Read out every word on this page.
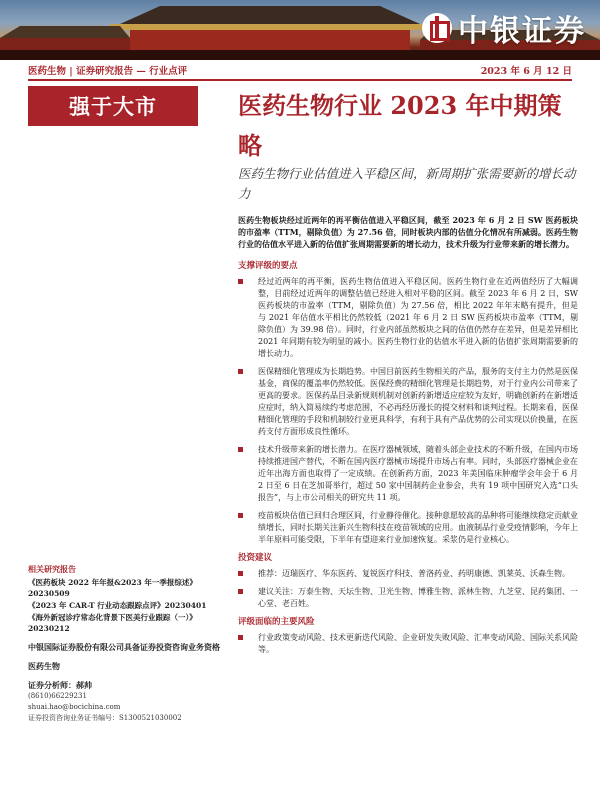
中银证券
医药生物 | 证券研究报告 — 行业点评	2023 年 6 月 12 日
强于大市	医药生物行业 2023 年中期策略
医药生物行业估值进入平稳区间，新周期扩张需要新的增长动力

医药生物板块经过近两年的再平衡估值进入平稳区间，截至 2023 年 6 月 2 日 SW 医药板块的市盈率（TTM，剔除负值）为 27.56 倍，同时板块内部的估值分化情况有所减弱。医药生物行业的估值水平进入新的估值扩张周期需要新的增长动力，技术升级为行业带来新的增长潜力。

支撑评级的要点
经过近两年的再平衡，医药生物估值进入平稳区间。医药生物行业在近两值经历了大幅调整，目前经过近两年的调整估值已经进入相对平稳的区间。截至 2023 年 6 月 2 日，SW 医药板块的市盈率（TTM，剔除负值）为 27.56 倍，相比 2022 年年末略有提升，但是与 2021 年估值水平相比仍然较低（2021 年 6 月 2 日 SW 医药板块市盈率（TTM，剔除负值）为 39.98 倍）。同时，行业内部虽然板块之间的估值仍然存在差异，但是差异相比 2021 年同期有较为明显的减小。医药生物行业的估值水平进入新的估值扩张周期需要新的增长动力。
医保精细化管理成为长期趋势。中国目前医药生物相关的产品，服务的支付主力仍然是医保基金，商保的覆盖率仍然较低。医保经费的精细化管理是长期趋势，对于行业内公司带来了更高的要求。医保药品目录新规则机制对创新药新增适应症较为友好，明确创新药在新增适应症时，纳入简易续约考虑范围，不必再经历漫长的提交材料和谈判过程。长期来看，医保精细化管理的手段和机制较行业更具科学，有利于具有产品优势的公司实现以价换量，在医药支付方面形成良性循环。
技术升级带来新的增长潜力。在医疗器械领域，随着头部企业技术的不断升级，在国内市场持续推进国产替代，不断在国内医疗器械市场提升市场占有率。同时，头部医疗器械企业在近年出海方面也取得了一定成绩。在创新药方面，2023 年美国临床肿瘤学会年会于 6 月 2 日至 6 日在芝加哥举行，超过 50 家中国制药企业参会，共有 19 项中国研究入选“口头报告”，与上市公司相关的研究共 11 项。
疫苗板块估值已回归合理区间，行业静待催化。接种意愿较高的品种将可能继续稳定贡献业绩增长，同时长期关注新兴生物科技在疫苗领域的应用。血液制品行业受疫情影响，今年上半年原料可能受限，下半年有望迎来行业加速恢复。采浆仍是行业核心。
投资建议
推荐：迈瑞医疗、华东医药、复锐医疗科技、普洛药业、药明康德、凯莱英、沃森生物。
建议关注：万泰生物、天坛生物、卫光生物、博雅生物、派林生物、九芝堂、昆药集团、一心堂、老百姓。
评级面临的主要风险
行业政策变动风险、技术更新迭代风险、企业研发失败风险、汇率变动风险、国际关系风险等。
相关研究报告
《医药板块 2022 年年报&2023 年一季报综述》20230509
《2023 年 CAR-T 行业动态跟踪点评》20230401
《海外新冠诊疗常态化背景下医美行业跟踪（一）》20230212
中银国际证券股份有限公司具备证券投资咨询业务资格
医药生物
证券分析师：郝帅
(8610)66229231
shuai.hao@bocichina.com
证券投资咨询业务证书编号：S1300521030002
